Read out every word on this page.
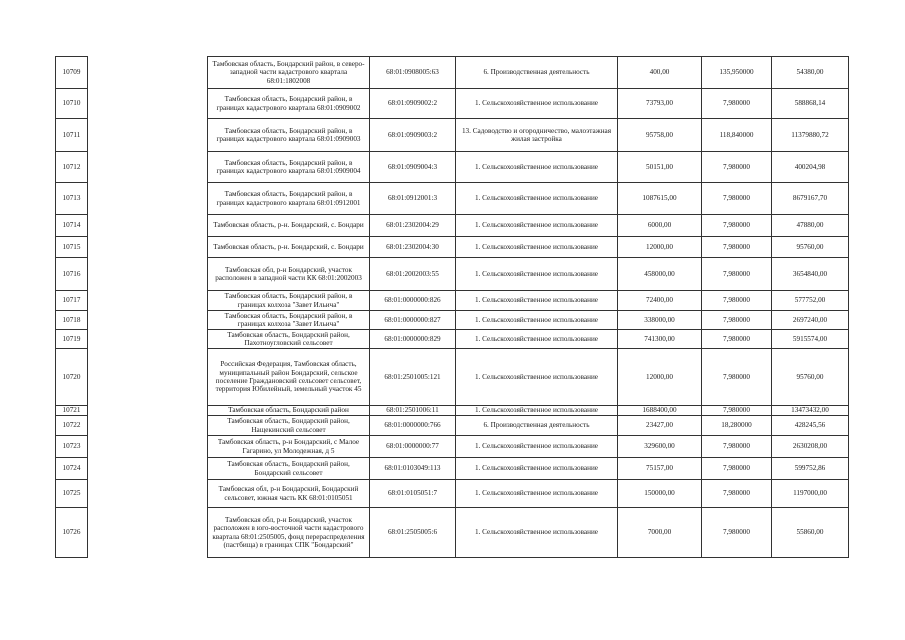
10709		Тамбовская область, Бондарский район, в северо-западной части кадастрового квартала 68:01:1802008	68:01:0908005:63	6. Производственная деятельность	400,00	135,950000	54380,00
10710		Тамбовская область, Бондарский район, в границах кадастрового квартала 68:01:0909002	68:01:0909002:2	1. Сельскохозяйственное использование	73793,00	7,980000	588868,14
10711		Тамбовская область, Бондарский район, в границах кадастрового квартала 68:01:0909003	68:01:0909003:2	13. Садоводство и огородничество, малоэтажная жилая застройка	95758,00	118,840000	11379880,72
10712		Тамбовская область, Бондарский район, в границах кадастрового квартала 68:01:0909004	68:01:0909004:3	1. Сельскохозяйственное использование	50151,00	7,980000	400204,98
10713		Тамбовская область, Бондарский район, в границах кадастрового квартала 68:01:0912001	68:01:0912001:3	1. Сельскохозяйственное использование	1087615,00	7,980000	8679167,70
10714		Тамбовская область, р-н. Бондарский, с. Бондари	68:01:2302004:29	1. Сельскохозяйственное использование	6000,00	7,980000	47880,00
10715		Тамбовская область, р-н. Бондарский, с. Бондари	68:01:2302004:30	1. Сельскохозяйственное использование	12000,00	7,980000	95760,00
10716		Тамбовская обл, р-н Бондарский, участок расположен в западной части КК 68:01:2002003	68:01:2002003:55	1. Сельскохозяйственное использование	458000,00	7,980000	3654840,00
10717		Тамбовская область, Бондарский район, в границах колхоза "Завет Ильича"	68:01:0000000:826	1. Сельскохозяйственное использование	72400,00	7,980000	577752,00
10718		Тамбовская область, Бондарский район, в границах колхоза "Завет Ильича"	68:01:0000000:827	1. Сельскохозяйственное использование	338000,00	7,980000	2697240,00
10719		Тамбовская область, Бондарский район, Пахотноугловский сельсовет	68:01:0000000:829	1. Сельскохозяйственное использование	741300,00	7,980000	5915574,00
10720		Российская Федерация, Тамбовская область, муниципальный район Бондарский, сельское поселение Граждановский сельсовет сельсовет, территория Юбилейный, земельный участок 45	68:01:2501005:121	1. Сельскохозяйственное использование	12000,00	7,980000	95760,00
10721		Тамбовская область, Бондарский район	68:01:2501006:11	1. Сельскохозяйственное использование	1688400,00	7,980000	13473432,00
10722		Тамбовская область, Бондарский район, Нащекинский сельсовет	68:01:0000000:766	6. Производственная деятельность	23427,00	18,280000	428245,56
10723		Тамбовская область, р-н Бондарский, с Малое Гагарино, ул Молодежная, д 5	68:01:0000000:77	1. Сельскохозяйственное использование	329600,00	7,980000	2630208,00
10724		Тамбовская область, Бондарский район, Бондарский сельсовет	68:01:0103049:113	1. Сельскохозяйственное использование	75157,00	7,980000	599752,86
10725		Тамбовская обл, р-н Бондарский, Бондарский сельсовет, южная часть КК 68:01:0105051	68:01:0105051:7	1. Сельскохозяйственное использование	150000,00	7,980000	1197000,00
10726		Тамбовская обл, р-н Бондарский, участок расположен в юго-восточной части кадастрового квартала 68:01:2505005, фонд перераспределения (пастбища) в границах СПК "Бондарский"	68:01:2505005:6	1. Сельскохозяйственное использование	7000,00	7,980000	55860,00
